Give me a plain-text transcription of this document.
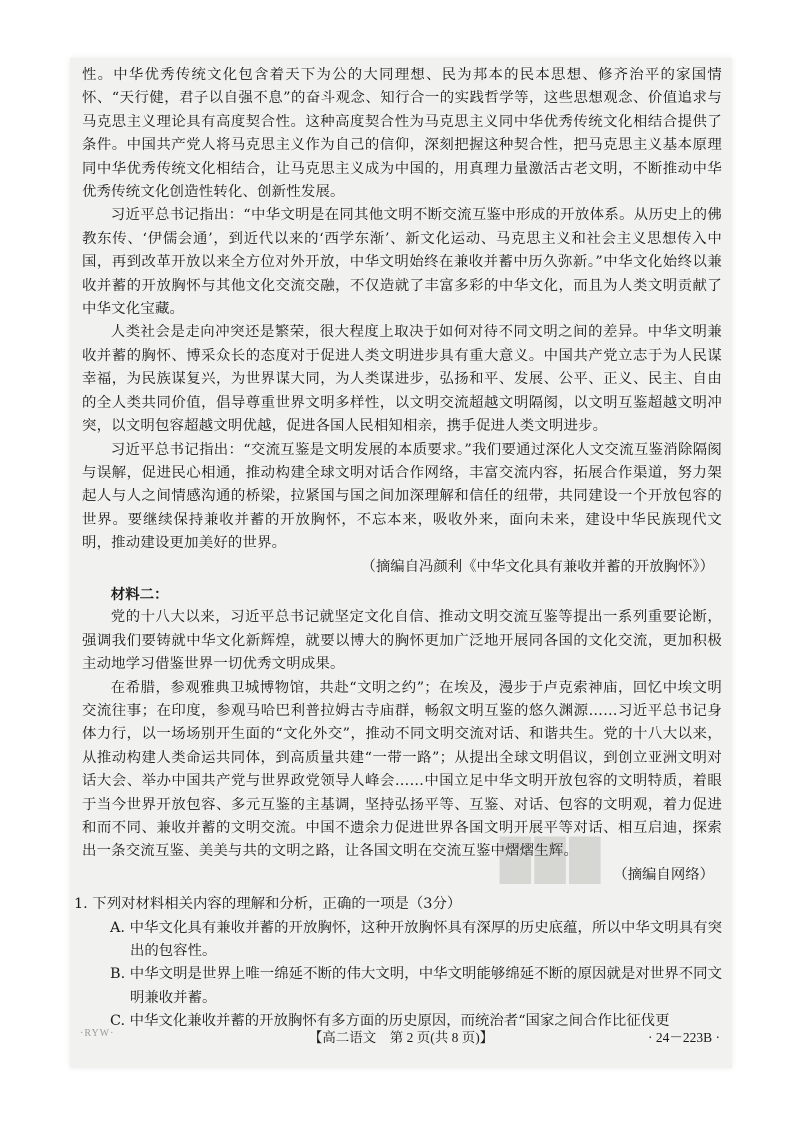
███

性。中华优秀传统文化包含着天下为公的大同理想、民为邦本的民本思想、修齐治平的家国情怀、“天行健，君子以自强不息”的奋斗观念、知行合一的实践哲学等，这些思想观念、价值追求与马克思主义理论具有高度契合性。这种高度契合性为马克思主义同中华优秀传统文化相结合提供了条件。中国共产党人将马克思主义作为自己的信仰，深刻把握这种契合性，把马克思主义基本原理同中华优秀传统文化相结合，让马克思主义成为中国的，用真理力量激活古老文明，不断推动中华优秀传统文化创造性转化、创新性发展。

习近平总书记指出：“中华文明是在同其他文明不断交流互鉴中形成的开放体系。从历史上的佛教东传、‘伊儒会通’，到近代以来的‘西学东渐’、新文化运动、马克思主义和社会主义思想传入中国，再到改革开放以来全方位对外开放，中华文明始终在兼收并蓄中历久弥新。”中华文化始终以兼收并蓄的开放胸怀与其他文化交流交融，不仅造就了丰富多彩的中华文化，而且为人类文明贡献了中华文化宝藏。

人类社会是走向冲突还是繁荣，很大程度上取决于如何对待不同文明之间的差异。中华文明兼收并蓄的胸怀、博采众长的态度对于促进人类文明进步具有重大意义。中国共产党立志于为人民谋幸福，为民族谋复兴，为世界谋大同，为人类谋进步，弘扬和平、发展、公平、正义、民主、自由的全人类共同价值，倡导尊重世界文明多样性，以文明交流超越文明隔阂，以文明互鉴超越文明冲突，以文明包容超越文明优越，促进各国人民相知相亲，携手促进人类文明进步。

习近平总书记指出：“交流互鉴是文明发展的本质要求。”我们要通过深化人文交流互鉴消除隔阂与误解，促进民心相通，推动构建全球文明对话合作网络，丰富交流内容，拓展合作渠道，努力架起人与人之间情感沟通的桥梁，拉紧国与国之间加深理解和信任的纽带，共同建设一个开放包容的世界。要继续保持兼收并蓄的开放胸怀，不忘本来，吸收外来，面向未来，建设中华民族现代文明，推动建设更加美好的世界。

（摘编自冯颜利《中华文化具有兼收并蓄的开放胸怀》）
材料二：

党的十八大以来，习近平总书记就坚定文化自信、推动文明交流互鉴等提出一系列重要论断，强调我们要铸就中华文化新辉煌，就要以博大的胸怀更加广泛地开展同各国的文化交流，更加积极主动地学习借鉴世界一切优秀文明成果。

在希腊，参观雅典卫城博物馆，共赴“文明之约”；在埃及，漫步于卢克索神庙，回忆中埃文明交流往事；在印度，参观马哈巴利普拉姆古寺庙群，畅叙文明互鉴的悠久渊源……习近平总书记身体力行，以一场场别开生面的“文化外交”，推动不同文明交流对话、和谐共生。党的十八大以来，从推动构建人类命运共同体，到高质量共建“一带一路”；从提出全球文明倡议，到创立亚洲文明对话大会、举办中国共产党与世界政党领导人峰会……中国立足中华文明开放包容的文明特质，着眼于当今世界开放包容、多元互鉴的主基调，坚持弘扬平等、互鉴、对话、包容的文明观，着力促进和而不同、兼收并蓄的文明交流。中国不遗余力促进世界各国文明开展平等对话、相互启迪，探索出一条交流互鉴、美美与共的文明之路，让各国文明在交流互鉴中熠熠生辉。

（摘编自网络）
1. 下列对材料相关内容的理解和分析，正确的一项是（3分）
A. 中华文化具有兼收并蓄的开放胸怀，这种开放胸怀具有深厚的历史底蕴，所以中华文明具有突出的包容性。
B. 中华文明是世界上唯一绵延不断的伟大文明，中华文明能够绵延不断的原因就是对世界不同文明兼收并蓄。
C. 中华文化兼收并蓄的开放胸怀有多方面的历史原因，而统治者“国家之间合作比征伐更
·RYW·	【高二语文　第 2 页(共 8 页)】	· 24－223B ·
